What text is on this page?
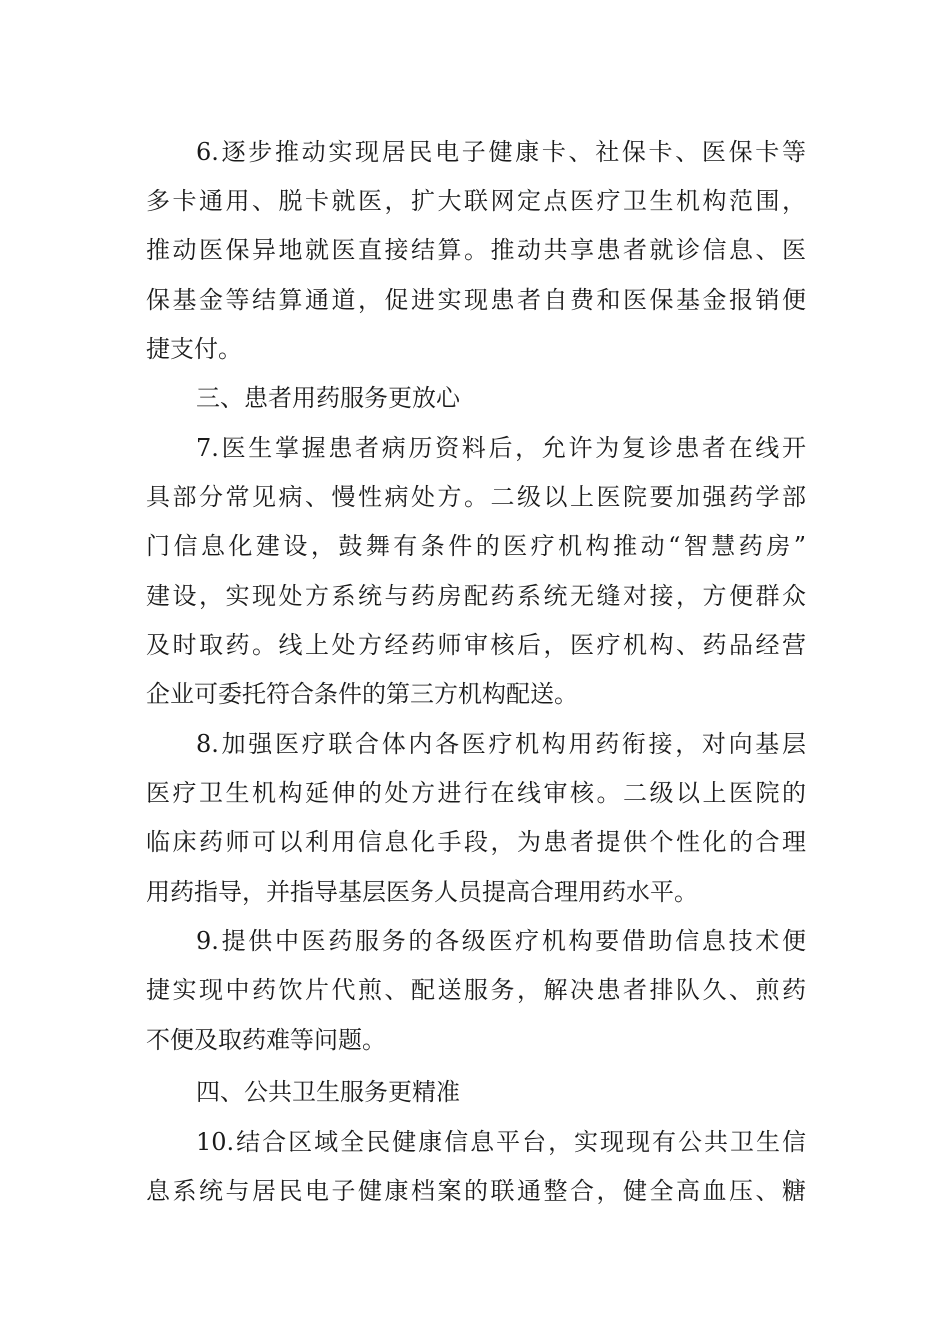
6.逐步推动实现居民电子健康卡、社保卡、医保卡等
多卡通用、脱卡就医，扩大联网定点医疗卫生机构范围，
推动医保异地就医直接结算。推动共享患者就诊信息、医
保基金等结算通道，促进实现患者自费和医保基金报销便
捷支付。
三、患者用药服务更放心
7.医生掌握患者病历资料后，允许为复诊患者在线开
具部分常见病、慢性病处方。二级以上医院要加强药学部
门信息化建设，鼓舞有条件的医疗机构推动“智慧药房”
建设，实现处方系统与药房配药系统无缝对接，方便群众
及时取药。线上处方经药师审核后，医疗机构、药品经营
企业可委托符合条件的第三方机构配送。
8.加强医疗联合体内各医疗机构用药衔接，对向基层
医疗卫生机构延伸的处方进行在线审核。二级以上医院的
临床药师可以利用信息化手段，为患者提供个性化的合理
用药指导，并指导基层医务人员提高合理用药水平。
9.提供中医药服务的各级医疗机构要借助信息技术便
捷实现中药饮片代煎、配送服务，解决患者排队久、煎药
不便及取药难等问题。
四、公共卫生服务更精准
10.结合区域全民健康信息平台，实现现有公共卫生信
息系统与居民电子健康档案的联通整合，健全高血压、糖
